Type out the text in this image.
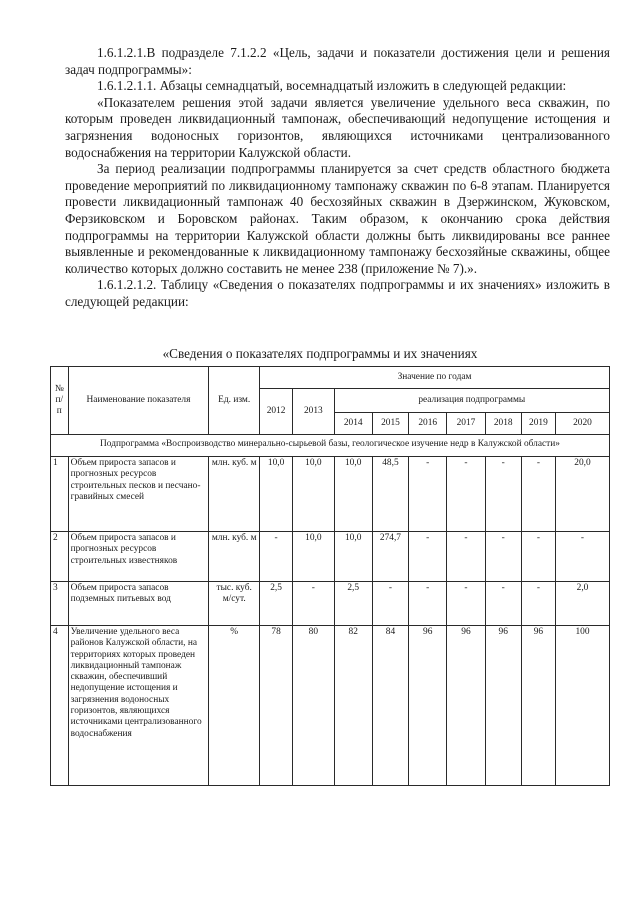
1.6.1.2.1.В подразделе 7.1.2.2 «Цель, задачи и показатели достижения цели и решения задач подпрограммы»:

1.6.1.2.1.1. Абзацы семнадцатый, восемнадцатый изложить в следующей редакции:

«Показателем решения этой задачи является увеличение удельного веса скважин, по которым проведен ликвидационный тампонаж, обеспечивающий недопущение истощения и загрязнения водоносных горизонтов, являющихся источниками централизованного водоснабжения на территории Калужской области.

За период реализации подпрограммы планируется за счет средств областного бюджета проведение мероприятий по ликвидационному тампонажу скважин по 6-8 этапам. Планируется провести ликвидационный тампонаж 40 бесхозяйных скважин в Дзержинском, Жуковском, Ферзиковском и Боровском районах. Таким образом, к окончанию срока действия подпрограммы на территории Калужской области должны быть ликвидированы все раннее выявленные и рекомендованные к ликвидационному тампонажу бесхозяйные скважины, общее количество которых должно составить не менее 238 (приложение № 7).».

1.6.1.2.1.2. Таблицу «Сведения о показателях подпрограммы и их значениях» изложить в следующей редакции:

«Сведения о показателях подпрограммы и их значениях
№ п/п	Наименование показателя	Ед. изм.	Значение по годам								
			2012	2013	реализация подпрограммы						
					2014	2015	2016	2017	2018	2019	2020
Подпрограмма «Воспроизводство минерально-сырьевой базы, геологическое изучение недр в Калужской области»											
1	Объем прироста запасов и прогнозных ресурсов строительных песков и песчано-гравийных смесей	млн. куб. м	10,0	10,0	10,0	48,5	-	-	-	-	20,0
2	Объем прироста запасов и прогнозных ресурсов строительных известняков	млн. куб. м	-	10,0	10,0	274,7	-	-	-	-	-
3	Объем прироста запасов подземных питьевых вод	тыс. куб. м/сут.	2,5	-	2,5	-	-	-	-	-	2,0
4	Увеличение удельного веса районов Калужской области, на территориях которых проведен ликвидационный тампонаж скважин, обеспечивший недопущение истощения и загрязнения водоносных горизонтов, являющихся источниками централизованного водоснабжения	%	78	80	82	84	96	96	96	96	100
